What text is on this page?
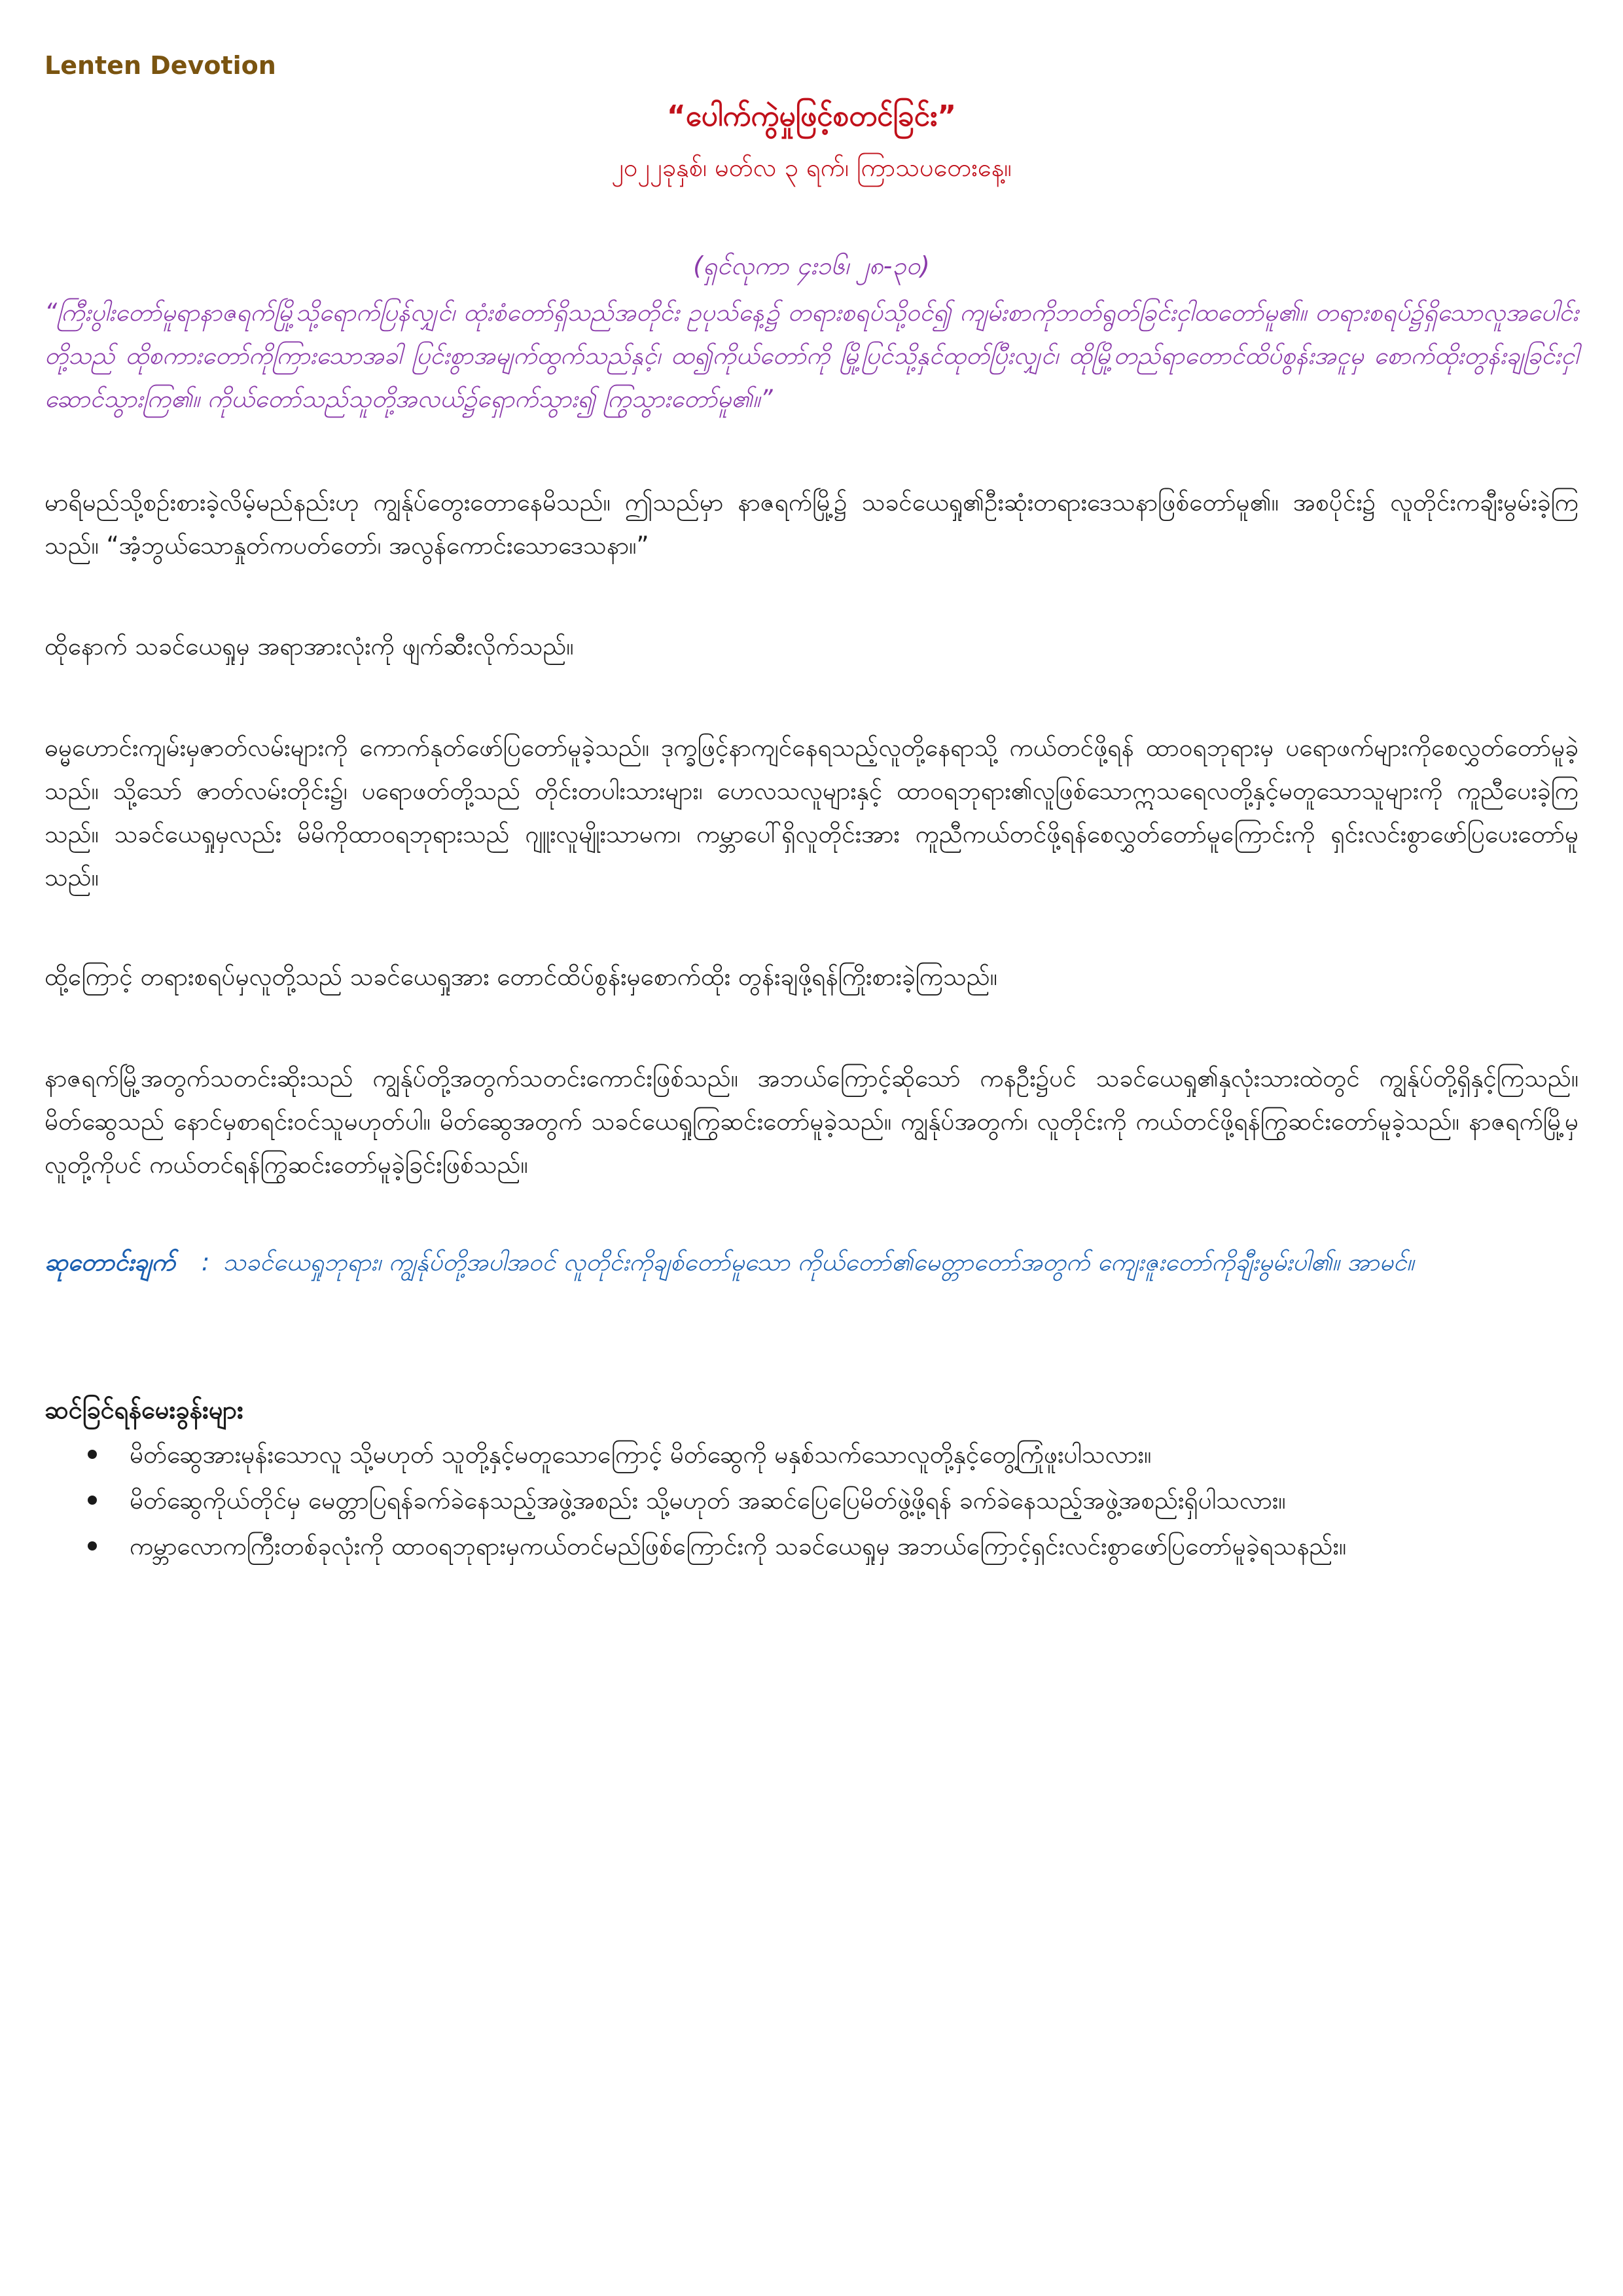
Lenten Devotion
“ပေါက်ကွဲမှုဖြင့်စတင်ခြင်း”
၂၀၂၂ခုနှစ်၊ မတ်လ ၃ ရက်၊ ကြာသပတေးနေ့။
(ရှင်လုကာ ၄း၁၆၊ ၂၈-၃၀)
“ကြီးပွါးတော်မူရာနာဇရက်မြို့သို့ရောက်ပြန်လျှင်၊ ထုံးစံတော်ရှိသည်အတိုင်း ဥပုသ်နေ့၌ တရားစရပ်သို့ဝင်၍ ကျမ်းစာကိုဘတ်ရွတ်ခြင်းငှါထတော်မူ၏။ တရားစရပ်၌ရှိသောလူအပေါင်းတို့သည် ထိုစကားတော်ကိုကြားသောအခါ ပြင်းစွာအမျက်ထွက်သည်နှင့်၊ ထ၍ကိုယ်တော်ကို မြို့ပြင်သို့နှင်ထုတ်ပြီးလျှင်၊ ထိုမြို့တည်ရာတောင်ထိပ်စွန်းအငူမှ စောက်ထိုးတွန်းချခြင်းငှါဆောင်သွားကြ၏။ ကိုယ်တော်သည်သူတို့အလယ်၌ရှောက်သွား၍ ကြွသွားတော်မူ၏။”
မာရိမည်သို့စဉ်းစားခဲ့လိမ့်မည်နည်းဟု ကျွန်ုပ်တွေးတောနေမိသည်။ ဤသည်မှာ နာဇရက်မြို့၌ သခင်ယေရှု၏ဦးဆုံးတရားဒေသနာဖြစ်တော်မူ၏။ အစပိုင်း၌ လူတိုင်းကချီးမွမ်းခဲ့ကြသည်။ “အံ့ဘွယ်သောနှုတ်ကပတ်တော်၊ အလွန်ကောင်းသောဒေသနာ။”
ထိုနောက် သခင်ယေရှုမှ အရာအားလုံးကို ဖျက်ဆီးလိုက်သည်။
ဓမ္မဟောင်းကျမ်းမှဇာတ်လမ်းများကို ကောက်နုတ်ဖော်ပြတော်မူခဲ့သည်။ ဒုက္ခဖြင့်နာကျင်နေရသည့်လူတို့နေရာသို့ ကယ်တင်ဖို့ရန် ထာဝရဘုရားမှ ပရောဖက်များကိုစေလွှတ်တော်မူခဲ့သည်။ သို့သော် ဇာတ်လမ်းတိုင်း၌၊ ပရောဖတ်တို့သည် တိုင်းတပါးသားများ၊ ဟေလသလူများနှင့် ထာဝရဘုရား၏လူဖြစ်သောဣသရေလတို့နှင့်မတူသောသူများကို ကူညီပေးခဲ့ကြသည်။ သခင်ယေရှုမှလည်း မိမိကိုထာဝရဘုရားသည် ဂျူးလူမျိုးသာမက၊ ကမ္ဘာပေါ်ရှိလူတိုင်းအား ကူညီကယ်တင်ဖို့ရန်စေလွှတ်တော်မူကြောင်းကို ရှင်းလင်းစွာဖော်ပြပေးတော်မူသည်။
ထို့ကြောင့် တရားစရပ်မှလူတို့သည် သခင်ယေရှုအား တောင်ထိပ်စွန်းမှစောက်ထိုး တွန်းချဖို့ရန်ကြိုးစားခဲ့ကြသည်။
နာဇရက်မြို့အတွက်သတင်းဆိုးသည် ကျွန်ုပ်တို့အတွက်သတင်းကောင်းဖြစ်သည်။ အဘယ်ကြောင့်ဆိုသော် ကနဦး၌ပင် သခင်ယေရှု၏နှလုံးသားထဲတွင် ကျွန်ုပ်တို့ရှိနှင့်ကြသည်။ မိတ်ဆွေသည် နောင်မှစာရင်းဝင်သူမဟုတ်ပါ။ မိတ်ဆွေအတွက် သခင်ယေရှုကြွဆင်းတော်မူခဲ့သည်။ ကျွန်ုပ်အတွက်၊ လူတိုင်းကို ကယ်တင်ဖို့ရန်ကြွဆင်းတော်မူခဲ့သည်။ နာဇရက်မြို့မှလူတို့ကိုပင် ကယ်တင်ရန်ကြွဆင်းတော်မူခဲ့ခြင်းဖြစ်သည်။
ဆုတောင်းချက် : သခင်ယေရှုဘုရား၊ ကျွန်ုပ်တို့အပါအဝင် လူတိုင်းကိုချစ်တော်မူသော ကိုယ်တော်၏မေတ္တာတော်အတွက် ကျေးဇူးတော်ကိုချီးမွမ်းပါ၏။ အာမင်။
ဆင်ခြင်ရန်မေးခွန်းများ
မိတ်ဆွေအားမုန်းသောလူ သို့မဟုတ် သူတို့နှင့်မတူသောကြောင့် မိတ်ဆွေကို မနှစ်သက်သောလူတို့နှင့်တွေ့ကြုံဖူးပါသလား။
မိတ်ဆွေကိုယ်တိုင်မှ မေတ္တာပြရန်ခက်ခဲနေသည့်အဖွဲ့အစည်း သို့မဟုတ် အဆင်ပြေပြေမိတ်ဖွဲ့ဖို့ရန် ခက်ခဲနေသည့်အဖွဲ့အစည်းရှိပါသလား။
ကမ္ဘာလောကကြီးတစ်ခုလုံးကို ထာဝရဘုရားမှကယ်တင်မည်ဖြစ်ကြောင်းကို သခင်ယေရှုမှ အဘယ်ကြောင့်ရှင်းလင်းစွာဖော်ပြတော်မူခဲ့ရသနည်း။
